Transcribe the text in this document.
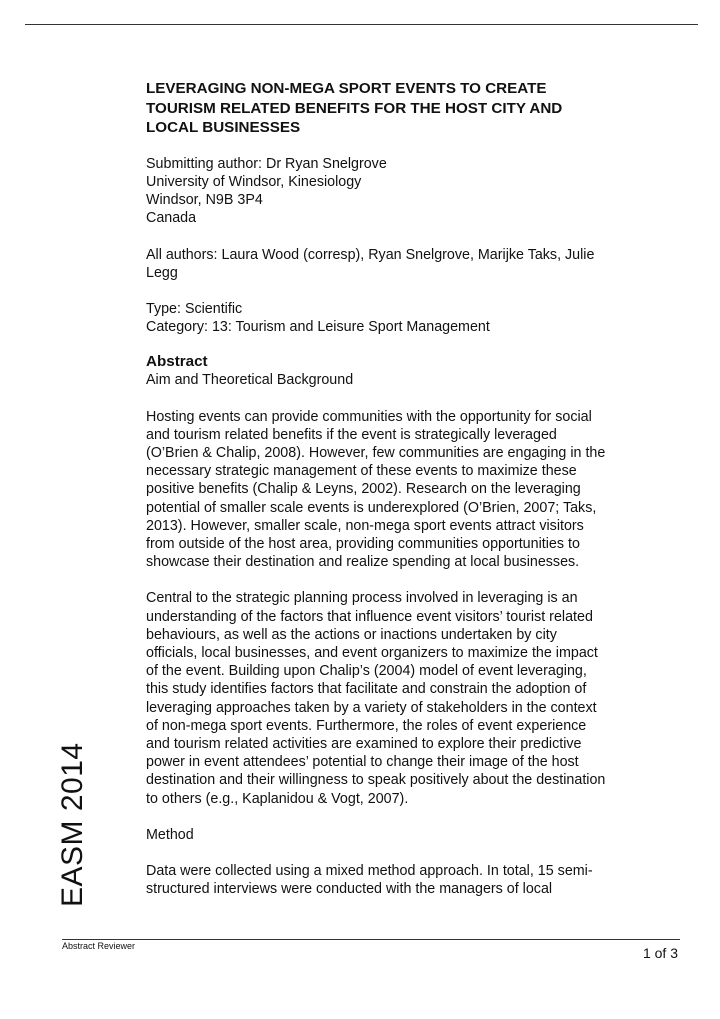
LEVERAGING NON-MEGA SPORT EVENTS TO CREATE
TOURISM RELATED BENEFITS FOR THE HOST CITY AND
LOCAL BUSINESSES
Submitting author: Dr Ryan Snelgrove
University of Windsor, Kinesiology
Windsor, N9B 3P4
Canada
All authors: Laura Wood (corresp), Ryan Snelgrove, Marijke Taks, Julie
Legg
Type: Scientific
Category: 13: Tourism and Leisure Sport Management
Abstract
Aim and Theoretical Background
Hosting events can provide communities with the opportunity for social
and tourism related benefits if the event is strategically leveraged
(O’Brien & Chalip, 2008). However, few communities are engaging in the
necessary strategic management of these events to maximize these
positive benefits (Chalip & Leyns, 2002). Research on the leveraging
potential of smaller scale events is underexplored (O’Brien, 2007; Taks,
2013). However, smaller scale, non-mega sport events attract visitors
from outside of the host area, providing communities opportunities to
showcase their destination and realize spending at local businesses.
Central to the strategic planning process involved in leveraging is an
understanding of the factors that influence event visitors’ tourist related
behaviours, as well as the actions or inactions undertaken by city
officials, local businesses, and event organizers to maximize the impact
of the event. Building upon Chalip’s (2004) model of event leveraging,
this study identifies factors that facilitate and constrain the adoption of
leveraging approaches taken by a variety of stakeholders in the context
of non-mega sport events. Furthermore, the roles of event experience
and tourism related activities are examined to explore their predictive
power in event attendees’ potential to change their image of the host
destination and their willingness to speak positively about the destination
to others (e.g., Kaplanidou & Vogt, 2007).
Method
Data were collected using a mixed method approach. In total, 15 semi-
structured interviews were conducted with the managers of local
EASM 2014
Abstract Reviewer	1 of 3
